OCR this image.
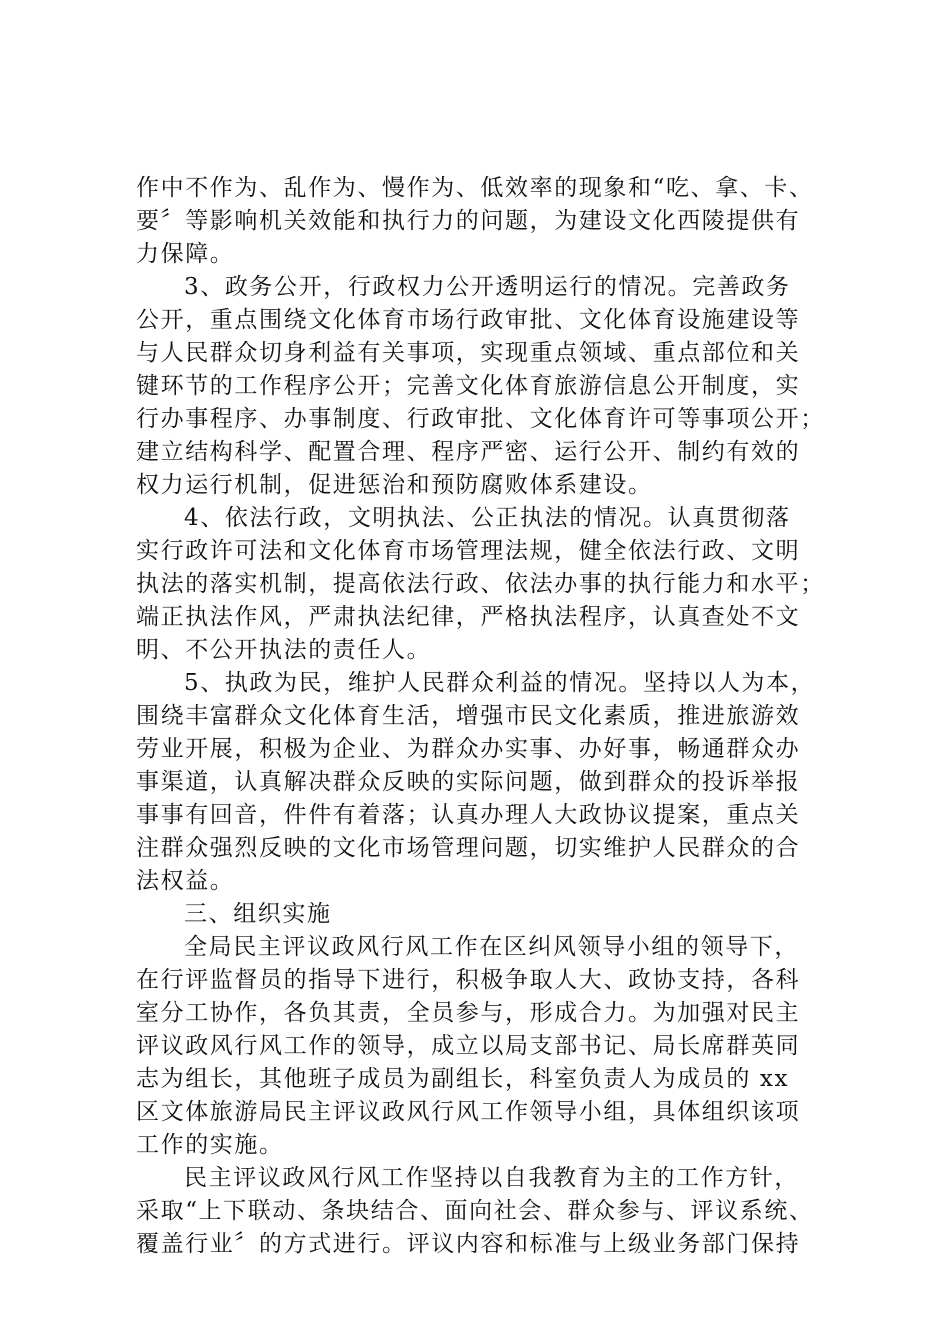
作中不作为、乱作为、慢作为、低效率的现象和“吃、拿、卡、
要〞等影响机关效能和执行力的问题，为建设文化西陵提供有
力保障。
3、政务公开，行政权力公开透明运行的情况。完善政务
公开，重点围绕文化体育市场行政审批、文化体育设施建设等
与人民群众切身利益有关事项，实现重点领域、重点部位和关
键环节的工作程序公开；完善文化体育旅游信息公开制度，实
行办事程序、办事制度、行政审批、文化体育许可等事项公开；
建立结构科学、配置合理、程序严密、运行公开、制约有效的
权力运行机制，促进惩治和预防腐败体系建设。
4、依法行政，文明执法、公正执法的情况。认真贯彻落
实行政许可法和文化体育市场管理法规，健全依法行政、文明
执法的落实机制，提高依法行政、依法办事的执行能力和水平；
端正执法作风，严肃执法纪律，严格执法程序，认真查处不文
明、不公开执法的责任人。
5、执政为民，维护人民群众利益的情况。坚持以人为本，
围绕丰富群众文化体育生活，增强市民文化素质，推进旅游效
劳业开展，积极为企业、为群众办实事、办好事，畅通群众办
事渠道，认真解决群众反映的实际问题，做到群众的投诉举报
事事有回音，件件有着落；认真办理人大政协议提案，重点关
注群众强烈反映的文化市场管理问题，切实维护人民群众的合
法权益。
三、组织实施
全局民主评议政风行风工作在区纠风领导小组的领导下，
在行评监督员的指导下进行，积极争取人大、政协支持，各科
室分工协作，各负其责，全员参与，形成合力。为加强对民主
评议政风行风工作的领导，成立以局支部书记、局长席群英同
志为组长，其他班子成员为副组长，科室负责人为成员的 xx
区文体旅游局民主评议政风行风工作领导小组，具体组织该项
工作的实施。
民主评议政风行风工作坚持以自我教育为主的工作方针，
采取“上下联动、条块结合、面向社会、群众参与、评议系统、
覆盖行业〞的方式进行。评议内容和标准与上级业务部门保持
